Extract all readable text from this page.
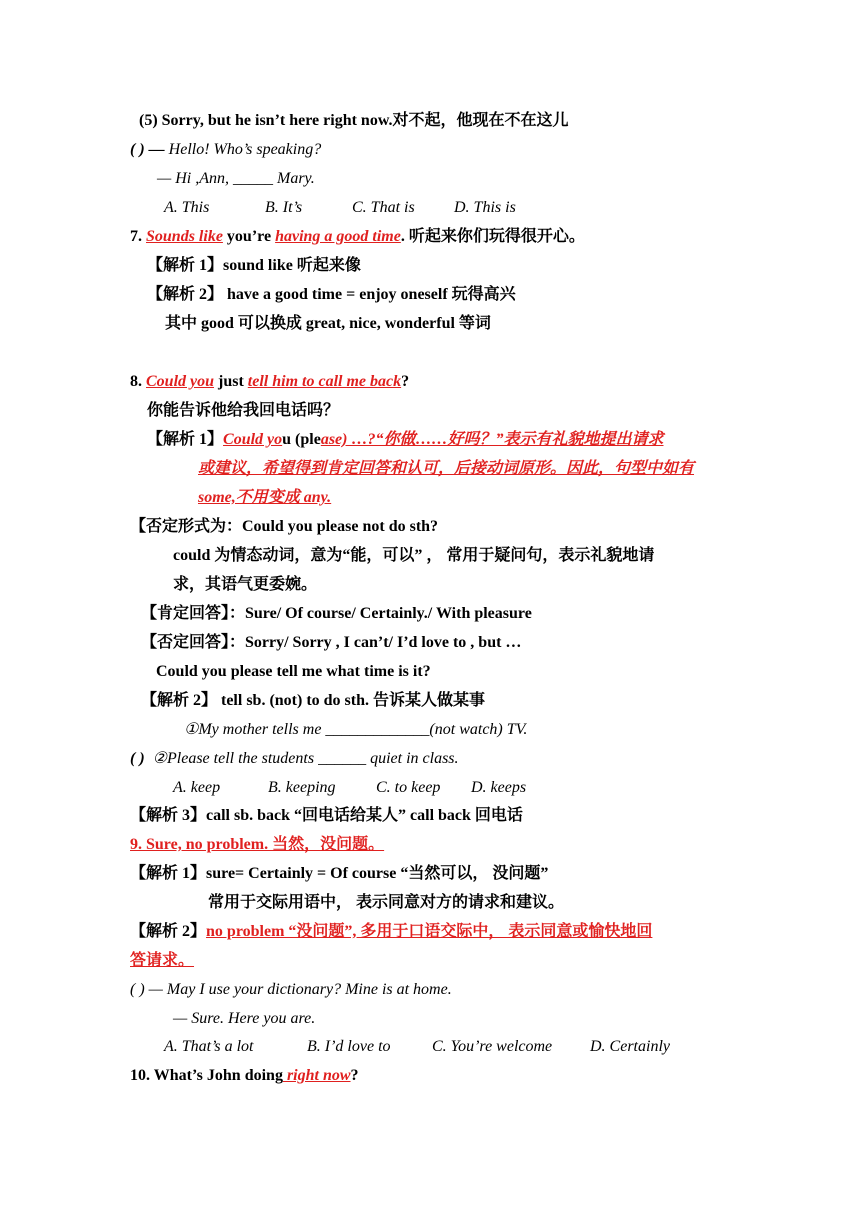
(5) Sorry, but he isn’t here right now.对不起，他现在不在这儿
( ) — Hello! Who’s speaking?
— Hi ,Ann, _____ Mary.
A. This	B. It’s	C. That is D. This is
7. Sounds like you’re having a good time. 听起来你们玩得很开心。
【解析 1】sound like 听起来像
【解析 2】 have a good time = enjoy oneself 玩得高兴
其中 good 可以换成 great, nice, wonderful 等词
8. Could you just tell him to call me back?
你能告诉他给我回电话吗？
【解析 1】Could you (please) …?“你做……好吗？”表示有礼貌地提出请求
或建议，希望得到肯定回答和认可，后接动词原形。因此，句型中如有
some,不用变成 any.
【否定形式为：Could you please not do sth?
could 为情态动词，意为“能，可以” ， 常用于疑问句，表示礼貌地请
求，其语气更委婉。
【肯定回答】：Sure/ Of course/ Certainly./ With pleasure
【否定回答】：Sorry/ Sorry , I can’t/ I’d love to , but …
Could you please tell me what time is it?
【解析 2】 tell sb. (not) to do sth. 告诉某人做某事
①My mother tells me _____________(not watch) TV.
( ) ②Please tell the students ______ quiet in class.
A. keep	B. keeping	C. to keep D. keeps
【解析 3】call sb. back “回电话给某人” call back 回电话
9. Sure, no problem. 当然，没问题。
【解析 1】sure= Certainly = Of course “当然可以， 没问题”
常用于交际用语中， 表示同意对方的请求和建议。
【解析 2】no problem “没问题”, 多用于口语交际中， 表示同意或愉快地回
答请求。
( ) — May I use your dictionary? Mine is at home.
— Sure. Here you are.
A. That’s a lot	B. I’d love to	C. You’re welcome D. Certainly
10. What’s John doing right now?
